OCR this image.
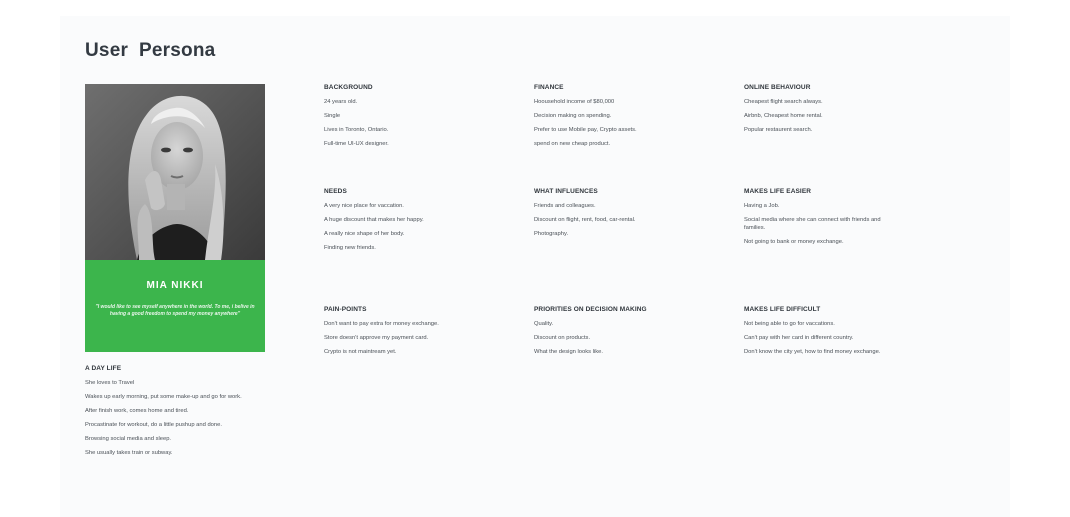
User  Persona
MIA NIKKI
"I would like to see myself anywhere in the world. To me, i belive in having a good freedom to spend my money anywhere"
A DAY LIFE
She loves to Travel
Wakes up early morning, put some make-up and go for work.
After finish work, comes home and tired.
Procastinate for workout, do a little pushup and done.
Browsing social media and sleep.
She usually takes train or subway.
BACKGROUND
24 years old.
Single
Lives in Toronto, Ontario.
Full-time UI-UX designer.
NEEDS
A very nice place for vaccation.
A huge discount that makes her happy.
A really nice shape of her body.
Finding new friends.
PAIN-POINTS
Don't want to pay extra for money exchange.
Store doesn't approve my payment card.
Crypto is not maintream yet.
FINANCE
Hoousehold income of $80,000
Decision making on spending.
Prefer to use Mobile pay, Crypto assets.
spend on new cheap product.
WHAT INFLUENCES
Friends and colleagues.
Discount on flight, rent, food, car-rental.
Photography.
PRIORITIES ON DECISION MAKING
Quality.
Discount on products.
What the design looks like.
ONLINE BEHAVIOUR
Cheapest flight search always.
Airbnb, Cheapest home rental.
Popular restaurent search.
MAKES LIFE EASIER
Having a Job.
Social media where she can connect with friends and families.
Not going to bank or money exchange.
MAKES LIFE DIFFICULT
Not being able to go for vaccations.
Can't pay with her card in different country.
Don't know the city yet, how to find money exchange.
